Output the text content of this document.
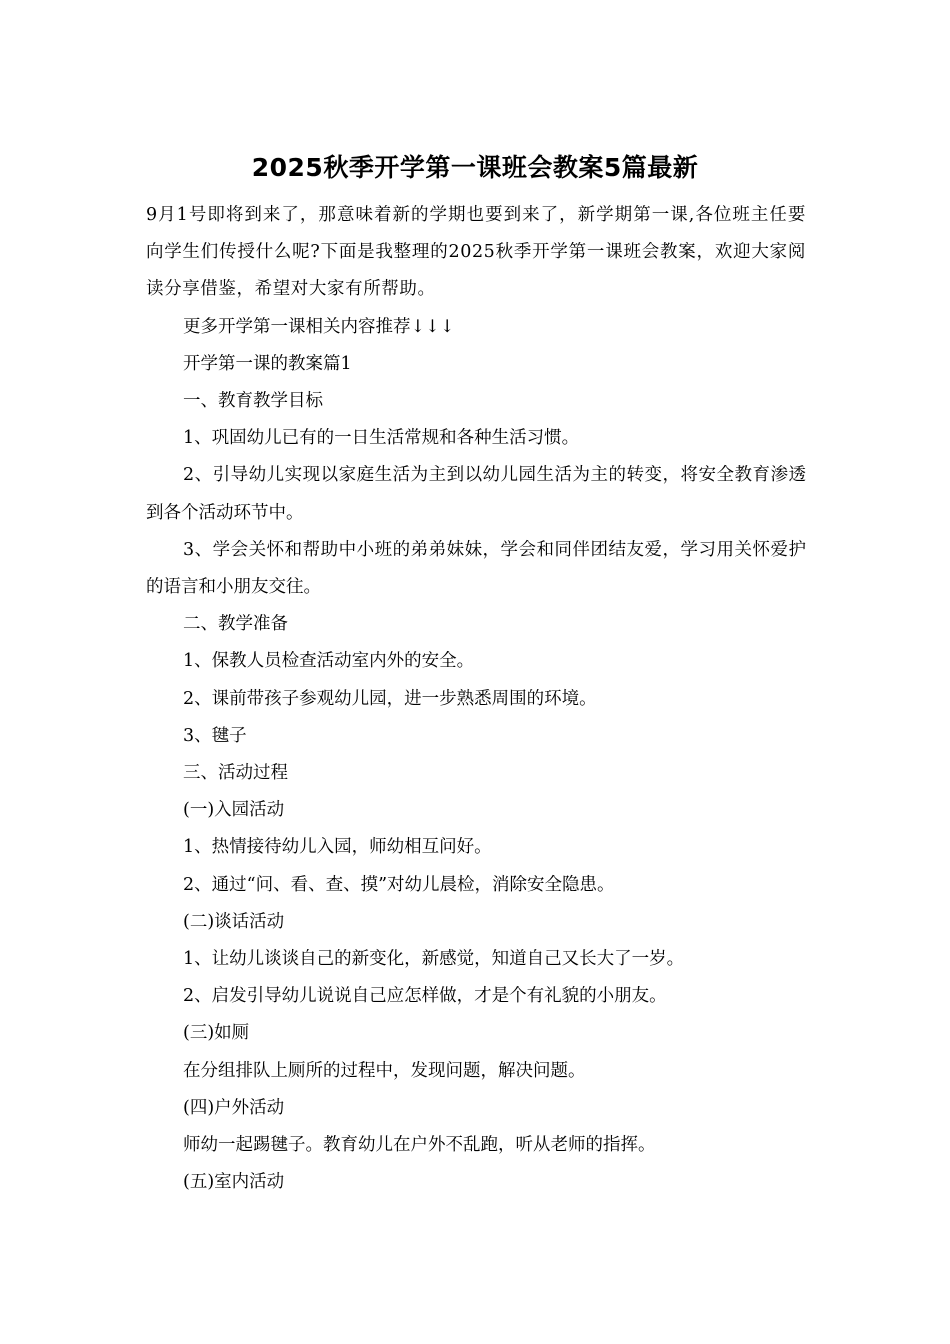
2025秋季开学第一课班会教案5篇最新

9月1号即将到来了，那意味着新的学期也要到来了，新学期第一课,各位班主任要向学生们传授什么呢?下面是我整理的2025秋季开学第一课班会教案，欢迎大家阅读分享借鉴，希望对大家有所帮助。

更多开学第一课相关内容推荐↓↓↓

开学第一课的教案篇1

一、教育教学目标

1、巩固幼儿已有的一日生活常规和各种生活习惯。

2、引导幼儿实现以家庭生活为主到以幼儿园生活为主的转变，将安全教育渗透到各个活动环节中。

3、学会关怀和帮助中小班的弟弟妹妹，学会和同伴团结友爱，学习用关怀爱护的语言和小朋友交往。

二、教学准备

1、保教人员检查活动室内外的安全。

2、课前带孩子参观幼儿园，进一步熟悉周围的环境。

3、毽子

三、活动过程

(一)入园活动

1、热情接待幼儿入园，师幼相互问好。

2、通过“问、看、查、摸”对幼儿晨检，消除安全隐患。

(二)谈话活动

1、让幼儿谈谈自己的新变化，新感觉，知道自己又长大了一岁。

2、启发引导幼儿说说自己应怎样做，才是个有礼貌的小朋友。

(三)如厕

在分组排队上厕所的过程中，发现问题，解决问题。

(四)户外活动

师幼一起踢毽子。教育幼儿在户外不乱跑，听从老师的指挥。

(五)室内活动
